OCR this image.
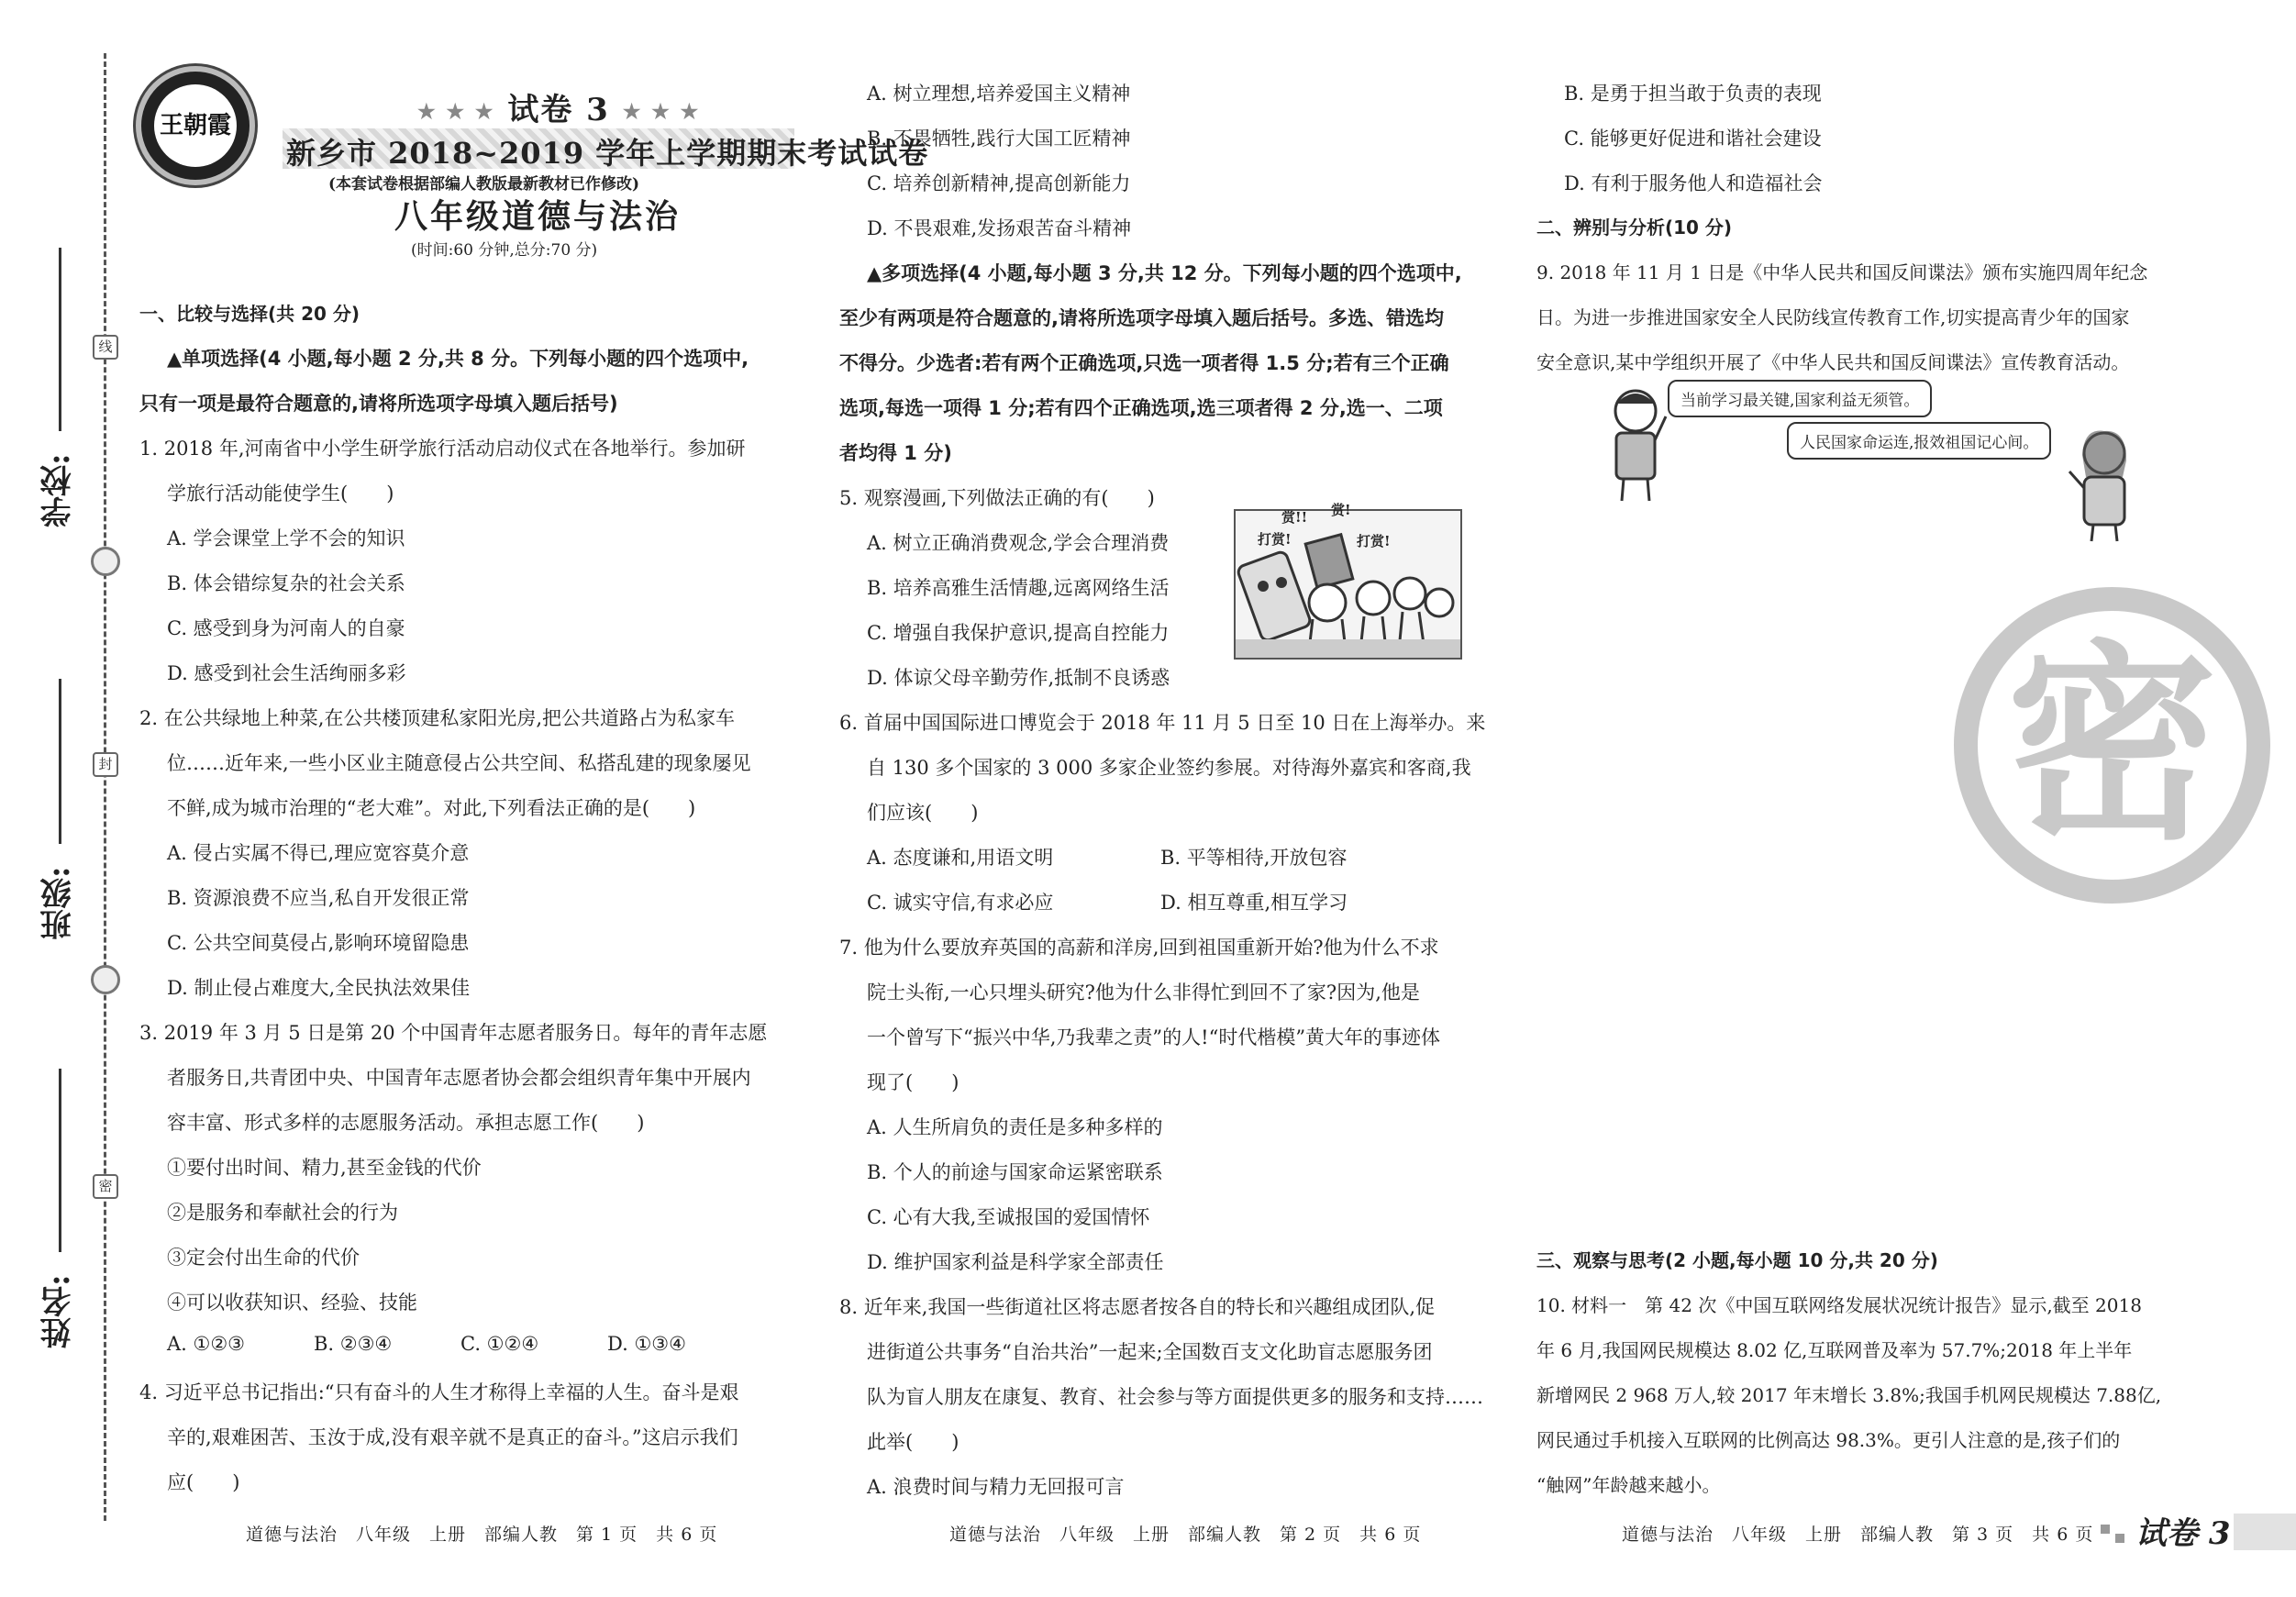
线
封
密
学校:
班级:
姓名:
王朝霞	★ ★ ★ 试卷 3 ★ ★ ★
新乡市 2018~2019 学年上学期期末考试试卷
(本套试卷根据部编人教版最新教材已作修改)
八年级道德与法治
(时间:60 分钟,总分:70 分)
一、比较与选择(共 20 分)
▲单项选择(4 小题,每小题 2 分,共 8 分。下列每小题的四个选项中,
只有一项是最符合题意的,请将所选项字母填入题后括号)
1. 2018 年,河南省中小学生研学旅行活动启动仪式在各地举行。参加研
学旅行活动能使学生(　　)
A. 学会课堂上学不会的知识
B. 体会错综复杂的社会关系
C. 感受到身为河南人的自豪
D. 感受到社会生活绚丽多彩
2. 在公共绿地上种菜,在公共楼顶建私家阳光房,把公共道路占为私家车
位……近年来,一些小区业主随意侵占公共空间、私搭乱建的现象屡见
不鲜,成为城市治理的“老大难”。对此,下列看法正确的是(　　)
A. 侵占实属不得已,理应宽容莫介意
B. 资源浪费不应当,私自开发很正常
C. 公共空间莫侵占,影响环境留隐患
D. 制止侵占难度大,全民执法效果佳
3. 2019 年 3 月 5 日是第 20 个中国青年志愿者服务日。每年的青年志愿
者服务日,共青团中央、中国青年志愿者协会都会组织青年集中开展内
容丰富、形式多样的志愿服务活动。承担志愿工作(　　)
①要付出时间、精力,甚至金钱的代价
②是服务和奉献社会的行为
③定会付出生命的代价
④可以收获知识、经验、技能
A. ①②③	B. ②③④	C. ①②④	D. ①③④
4. 习近平总书记指出:“只有奋斗的人生才称得上幸福的人生。奋斗是艰
辛的,艰难困苦、玉汝于成,没有艰辛就不是真正的奋斗。”这启示我们
应(　　)
道德与法治　八年级　上册　部编人教　第 1 页　共 6 页
A. 树立理想,培养爱国主义精神
B. 不畏牺牲,践行大国工匠精神
C. 培养创新精神,提高创新能力
D. 不畏艰难,发扬艰苦奋斗精神
▲多项选择(4 小题,每小题 3 分,共 12 分。下列每小题的四个选项中,
至少有两项是符合题意的,请将所选项字母填入题后括号。多选、错选均
不得分。少选者:若有两个正确选项,只选一项者得 1.5 分;若有三个正确
选项,每选一项得 1 分;若有四个正确选项,选三项者得 2 分,选一、二项
者均得 1 分)
5. 观察漫画,下列做法正确的有(　　)
A. 树立正确消费观念,学会合理消费
B. 培养高雅生活情趣,远离网络生活
C. 增强自我保护意识,提高自控能力
D. 体谅父母辛勤劳作,抵制不良诱惑
赏!! 赏!
打赏!	打赏!
6. 首届中国国际进口博览会于 2018 年 11 月 5 日至 10 日在上海举办。来
自 130 多个国家的 3 000 多家企业签约参展。对待海外嘉宾和客商,我
们应该(　　)
A. 态度谦和,用语文明	B. 平等相待,开放包容
C. 诚实守信,有求必应	D. 相互尊重,相互学习
7. 他为什么要放弃英国的高薪和洋房,回到祖国重新开始?他为什么不求
院士头衔,一心只埋头研究?他为什么非得忙到回不了家?因为,他是
一个曾写下“振兴中华,乃我辈之责”的人!“时代楷模”黄大年的事迹体
现了(　　)
A. 人生所肩负的责任是多种多样的
B. 个人的前途与国家命运紧密联系
C. 心有大我,至诚报国的爱国情怀
D. 维护国家利益是科学家全部责任
8. 近年来,我国一些街道社区将志愿者按各自的特长和兴趣组成团队,促
进街道公共事务“自治共治”一起来;全国数百支文化助盲志愿服务团
队为盲人朋友在康复、教育、社会参与等方面提供更多的服务和支持……
此举(　　)
A. 浪费时间与精力无回报可言
道德与法治　八年级　上册　部编人教　第 2 页　共 6 页
B. 是勇于担当敢于负责的表现
C. 能够更好促进和谐社会建设
D. 有利于服务他人和造福社会
二、辨别与分析(10 分)
9. 2018 年 11 月 1 日是《中华人民共和国反间谍法》颁布实施四周年纪念
日。为进一步推进国家安全人民防线宣传教育工作,切实提高青少年的国家
安全意识,某中学组织开展了《中华人民共和国反间谍法》宣传教育活动。
当前学习最关键,国家利益无须管。
人民国家命运连,报效祖国记心间。
密
三、观察与思考(2 小题,每小题 10 分,共 20 分)
10. 材料一　第 42 次《中国互联网络发展状况统计报告》显示,截至 2018
年 6 月,我国网民规模达 8.02 亿,互联网普及率为 57.7%;2018 年上半年
新增网民 2 968 万人,较 2017 年末增长 3.8%;我国手机网民规模达 7.88亿,
网民通过手机接入互联网的比例高达 98.3%。更引人注意的是,孩子们的
“触网”年龄越来越小。
道德与法治　八年级　上册　部编人教　第 3 页　共 6 页 试卷 3
